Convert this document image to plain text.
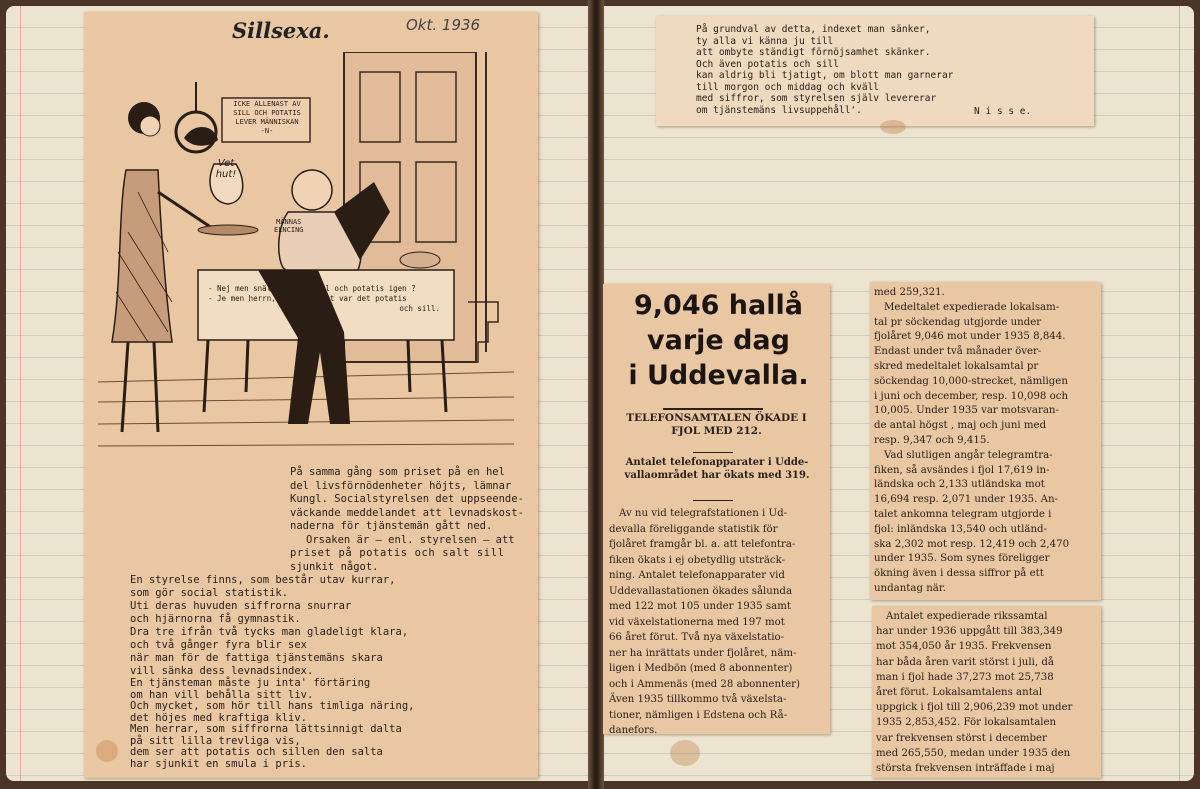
Sillsexa.	Okt. 1936
ICKE ALLENAST AV
SILL OCH POTATIS
LEVER MÄNNISKAN
-N-
Vet hut!
MÄNNAS
ELNCING
- Nej men snälla Anna, sill och potatis igen ?
- Je men herrn, till frukost var det potatis
och sill.
På samma gång som priset på en hel
del livsförnödenheter höjts, lämnar
Kungl. Socialstyrelsen det uppseende-
väckande meddelandet att levnadskost-
naderna för tjänstemän gått ned.
Orsaken är — enl. styrelsen — att
priset på potatis och salt sill
sjunkit något.
En styrelse finns, som består utav kurrar,
som gör social statistik.
Uti deras huvuden siffrorna snurrar
och hjärnorna få gymnastik.
Dra tre ifrån två tycks man gladeligt klara,
och två gånger fyra blir sex
när man för de fattiga tjänstemäns skara
vill sänka dess levnadsindex.
En tjänsteman måste ju inta' förtäring
om han vill behålla sitt liv.
Och mycket, som hör till hans timliga näring,
det höjes med kraftiga kliv.
Men herrar, som siffrorna lättsinnigt dalta
på sitt lilla trevliga vis,
dem ser att potatis och sillen den salta
har sjunkit en smula i pris.
På grundval av detta, indexet man sänker,
ty alla vi känna ju till
att ombyte ständigt förnöjsamhet skänker.
Och även potatis och sill
kan aldrig bli tjatigt, om blott man garnerar
till morgon och middag och kväll
med siffror, som styrelsen själv levererar
om tjänstemäns livsuppehåll'.	N i s s e.
9,046 hallå
varje dag
i Uddevalla.
TELEFONSAMTALEN ÖKADE I
FJOL MED 212.
Antalet telefonapparater i Udde-
vallaområdet har ökats med 319.
Av nu vid telegrafstationen i Ud-
devalla föreliggande statistik för
fjolåret framgår bl. a. att telefontra-
fiken ökats i ej obetydlig utsträck-
ning. Antalet telefonapparater vid
Uddevallastationen ökades sålunda
med 122 mot 105 under 1935 samt
vid växelstationerna med 197 mot
66 året förut. Två nya växelstatio-
ner ha inrättats under fjolåret, näm-
ligen i Medbön (med 8 abonnenter)
och i Ammenäs (med 28 abonnenter)
Även 1935 tillkommo två växelsta-
tioner, nämligen i Edstena och Rå-
danefors.
med 259,321.
Medeltalet expedierade lokalsam-
tal pr söckendag utgjorde under
fjolåret 9,046 mot under 1935 8,844.
Endast under två månader över-
skred medeltalet lokalsamtal pr
söckendag 10,000-strecket, nämligen
i juni och december, resp. 10,098 och
10,005. Under 1935 var motsvaran-
de antal högst , maj och juni med
resp. 9,347 och 9,415.
Vad slutligen angår telegramtra-
fiken, så avsändes i fjol 17,619 in-
ländska och 2,133 utländska mot
16,694 resp. 2,071 under 1935. An-
talet ankomna telegram utgjorde i
fjol: inländska 13,540 och utländ-
ska 2,302 mot resp. 12,419 och 2,470
under 1935. Som synes föreligger
ökning även i dessa siffror på ett
undantag när.
Antalet expedierade rikssamtal
har under 1936 uppgått till 383,349
mot 354,050 år 1935. Frekvensen
har båda åren varit störst i juli, då
man i fjol hade 37,273 mot 25,738
året förut. Lokalsamtalens antal
uppgick i fjol till 2,906,239 mot under
1935 2,853,452. För lokalsamtalen
var frekvensen störst i december
med 265,550, medan under 1935 den
största frekvensen inträffade i maj
